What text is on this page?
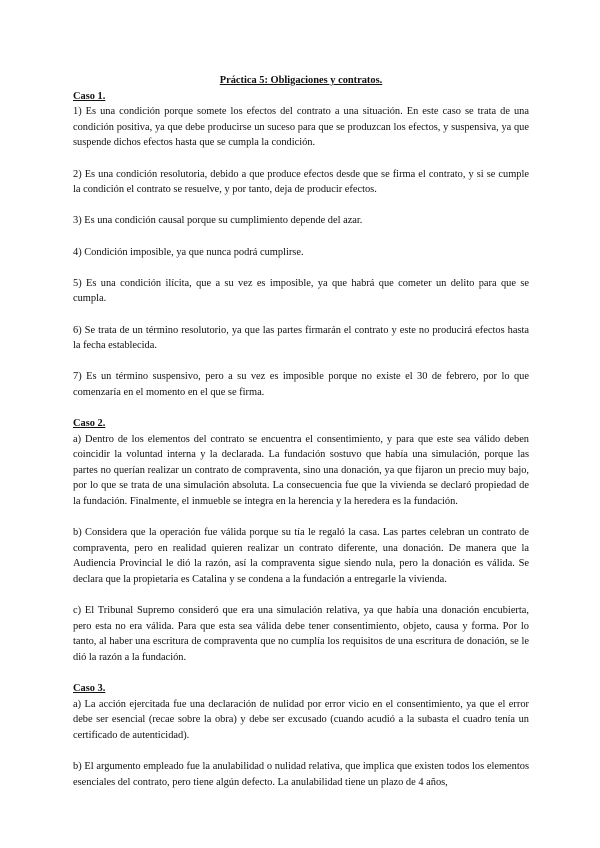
Práctica 5: Obligaciones y contratos.

Caso 1.

1) Es una condición porque somete los efectos del contrato a una situación. En este caso se trata de una condición positiva, ya que debe producirse un suceso para que se produzcan los efectos, y suspensiva, ya que suspende dichos efectos hasta que se cumpla la condición.

2) Es una condición resolutoria, debido a que produce efectos desde que se firma el contrato, y si se cumple la condición el contrato se resuelve, y por tanto, deja de producir efectos.

3) Es una condición causal porque su cumplimiento depende del azar.

4) Condición imposible, ya que nunca podrá cumplirse.

5) Es una condición ilícita, que a su vez es imposible, ya que habrá que cometer un delito para que se cumpla.

6) Se trata de un término resolutorio, ya que las partes firmarán el contrato y este no producirá efectos hasta la fecha establecida.

7) Es un término suspensivo, pero a su vez es imposible porque no existe el 30 de febrero, por lo que comenzaría en el momento en el que se firma.

Caso 2.

a) Dentro de los elementos del contrato se encuentra el consentimiento, y para que este sea válido deben coincidir la voluntad interna y la declarada. La fundación sostuvo que había una simulación, porque las partes no querían realizar un contrato de compraventa, sino una donación, ya que fijaron un precio muy bajo, por lo que se trata de una simulación absoluta. La consecuencia fue que la vivienda se declaró propiedad de la fundación. Finalmente, el inmueble se integra en la herencia y la heredera es la fundación.

b) Considera que la operación fue válida porque su tía le regaló la casa. Las partes celebran un contrato de compraventa, pero en realidad quieren realizar un contrato diferente, una donación. De manera que la Audiencia Provincial le dió la razón, así la compraventa sigue siendo nula, pero la donación es válida. Se declara que la propietaria es Catalina y se condena a la fundación a entregarle la vivienda.

c) El Tribunal Supremo consideró que era una simulación relativa, ya que había una donación encubierta, pero esta no era válida. Para que esta sea válida debe tener consentimiento, objeto, causa y forma. Por lo tanto, al haber una escritura de compraventa que no cumplía los requisitos de una escritura de donación, se le dió la razón a la fundación.

Caso 3.

a) La acción ejercitada fue una declaración de nulidad por error vicio en el consentimiento, ya que el error debe ser esencial (recae sobre la obra) y debe ser excusado (cuando acudió a la subasta el cuadro tenía un certificado de autenticidad).

b) El argumento empleado fue la anulabilidad o nulidad relativa, que implica que existen todos los elementos esenciales del contrato, pero tiene algún defecto. La anulabilidad tiene un plazo de 4 años,
